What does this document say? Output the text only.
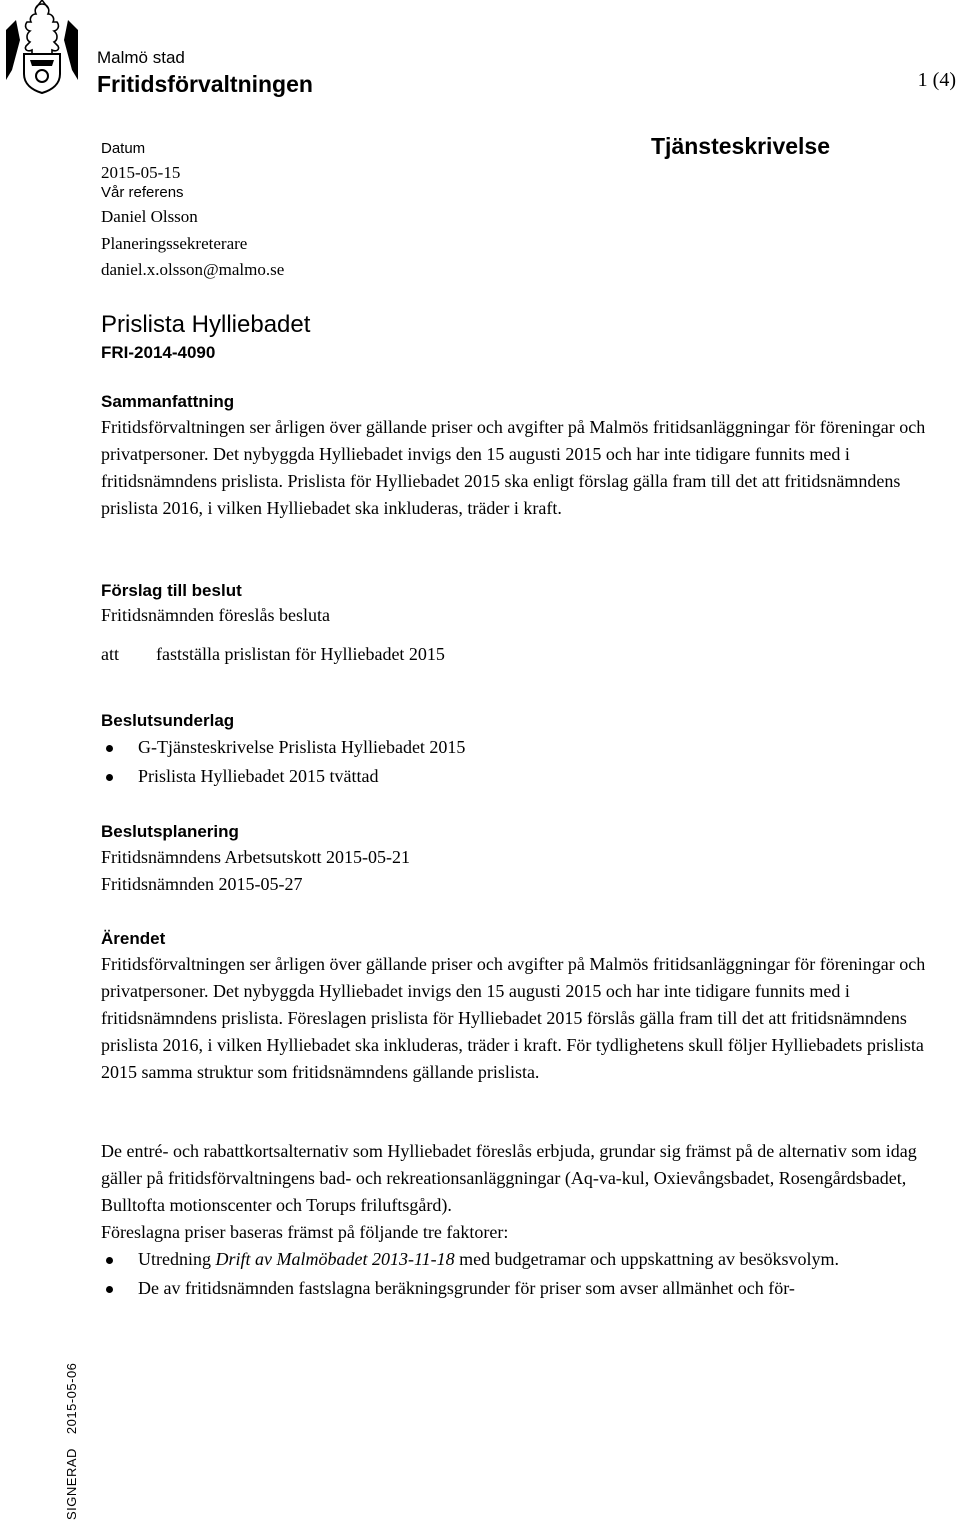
Malmö stad
Fritidsförvaltningen	1 (4)
Tjänsteskrivelse
Datum
2015-05-15
Vår referens
Daniel Olsson
Planeringssekreterare
daniel.x.olsson@malmo.se
Prislista Hylliebadet
FRI-2014-4090
Sammanfattning
Fritidsförvaltningen ser årligen över gällande priser och avgifter på Malmös fritidsanläggningar för föreningar och privatpersoner. Det nybyggda Hylliebadet invigs den 15 augusti 2015 och har inte tidigare funnits med i fritidsnämndens prislista. Prislista för Hylliebadet 2015 ska enligt förslag gälla fram till det att fritidsnämndens prislista 2016, i vilken Hylliebadet ska inkluderas, träder i kraft.
Förslag till beslut
Fritidsnämnden föreslås besluta
att	fastställa prislistan för Hylliebadet 2015
Beslutsunderlag
G-Tjänsteskrivelse Prislista Hylliebadet 2015
Prislista Hylliebadet 2015 tvättad
Beslutsplanering
Fritidsnämndens Arbetsutskott 2015-05-21
Fritidsnämnden 2015-05-27
Ärendet
Fritidsförvaltningen ser årligen över gällande priser och avgifter på Malmös fritidsanläggningar för föreningar och privatpersoner. Det nybyggda Hylliebadet invigs den 15 augusti 2015 och har inte tidigare funnits med i fritidsnämndens prislista. Föreslagen prislista för Hylliebadet 2015 förslås gälla fram till det att fritidsnämndens prislista 2016, i vilken Hylliebadet ska inkluderas, träder i kraft. För tydlighetens skull följer Hylliebadets prislista 2015 samma struktur som fritidsnämndens gällande prislista.
De entré- och rabattkortsalternativ som Hylliebadet föreslås erbjuda, grundar sig främst på de alternativ som idag gäller på fritidsförvaltningens bad- och rekreationsanläggningar (Aq-va-kul, Oxievångsbadet, Rosengårdsbadet, Bulltofta motionscenter och Torups friluftsgård).
Föreslagna priser baseras främst på följande tre faktorer:
Utredning Drift av Malmöbadet 2013-11-18 med budgetramar och uppskattning av besöksvolym.
De av fritidsnämnden fastslagna beräkningsgrunder för priser som avser allmänhet och för-
SIGNERAD2015-05-06
